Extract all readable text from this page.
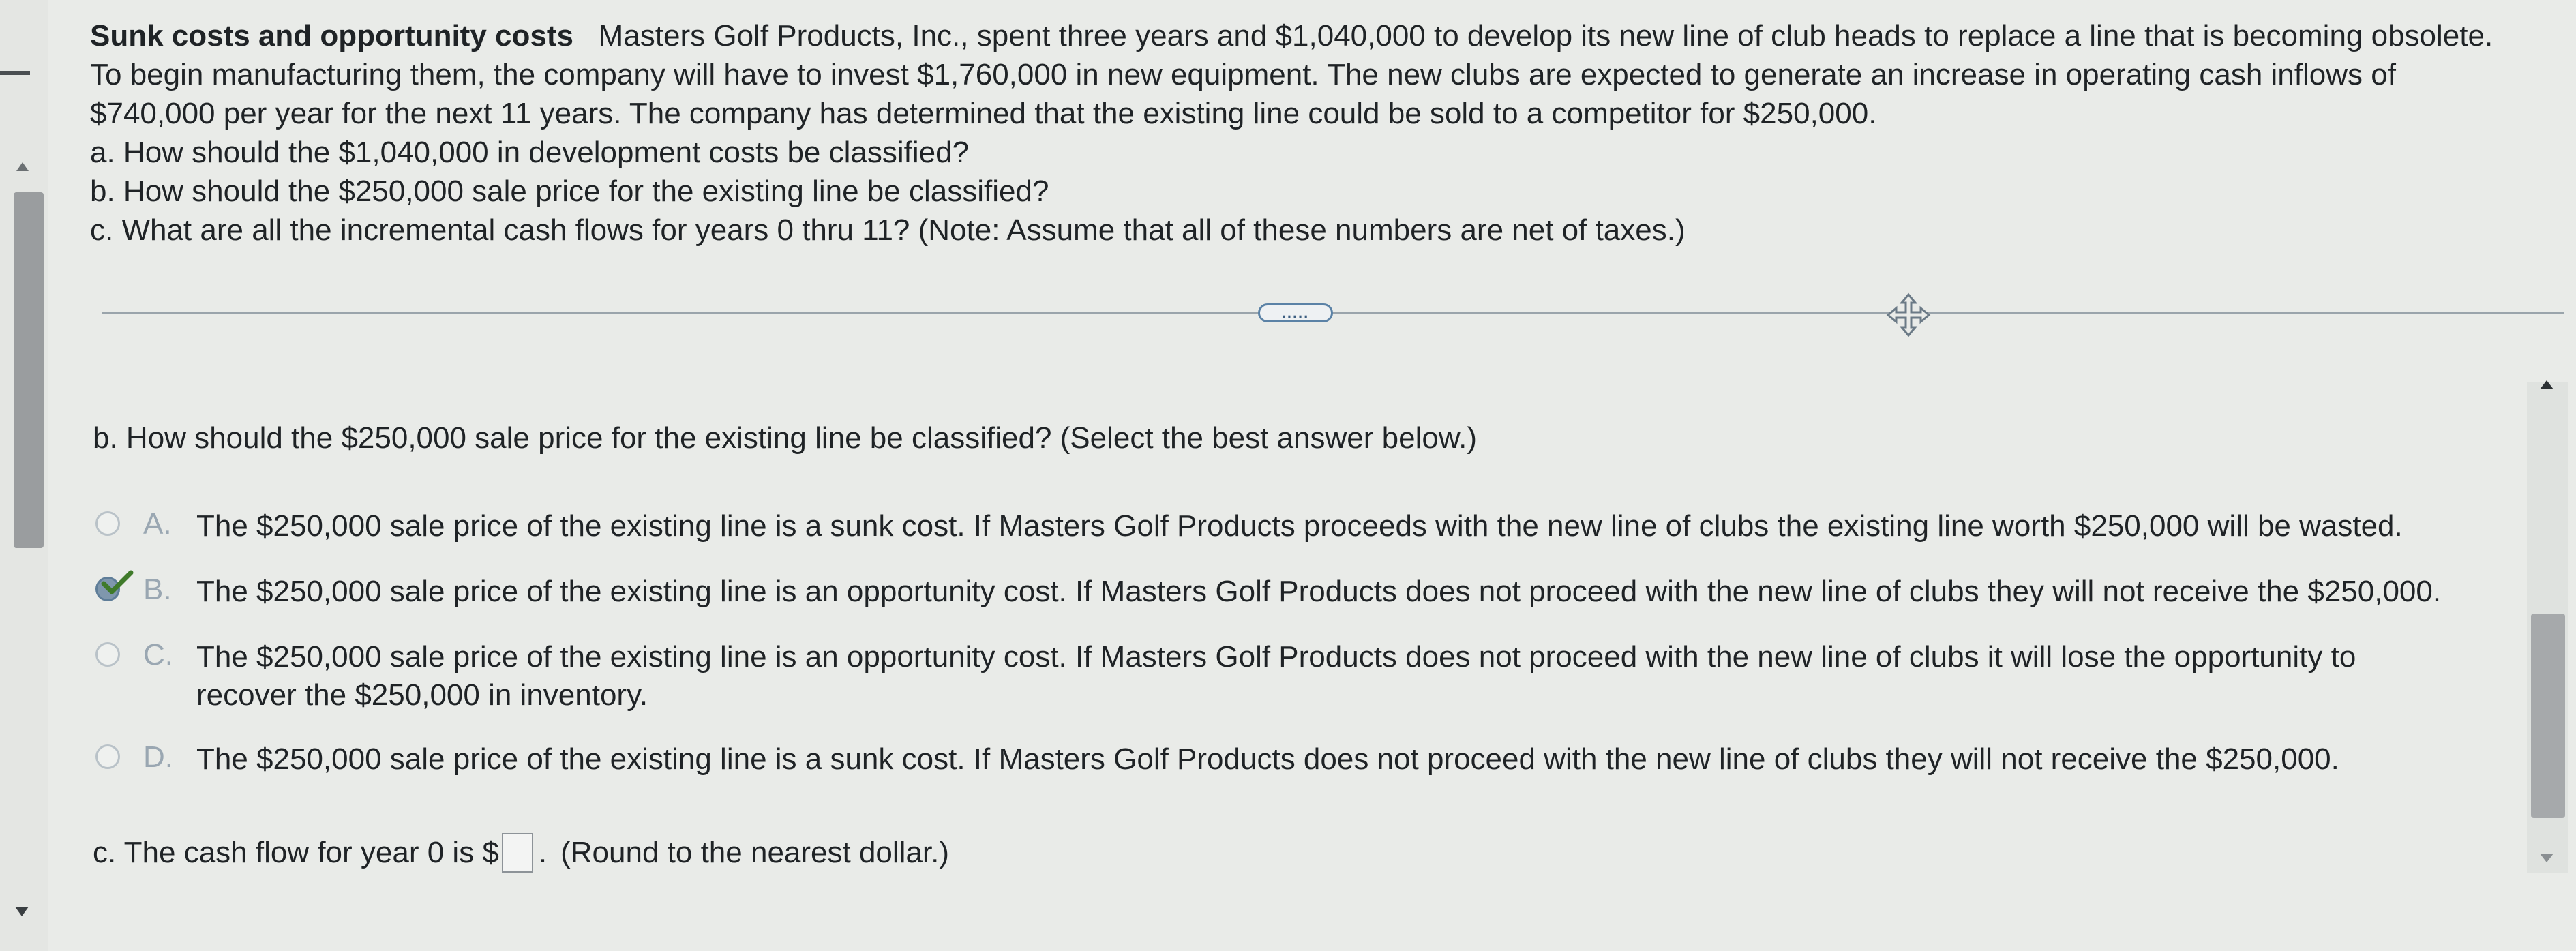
Sunk costs and opportunity costs Masters Golf Products, Inc., spent three years and $1,040,000 to develop its new line of club heads to replace a line that is becoming obsolete.
To begin manufacturing them, the company will have to invest $1,760,000 in new equipment. The new clubs are expected to generate an increase in operating cash inflows of
$740,000 per year for the next 11 years. The company has determined that the existing line could be sold to a competitor for $250,000.
a. How should the $1,040,000 in development costs be classified?
b. How should the $250,000 sale price for the existing line be classified?
c. What are all the incremental cash flows for years 0 thru 11? (Note: Assume that all of these numbers are net of taxes.)
.....
b. How should the $250,000 sale price for the existing line be classified? (Select the best answer below.)
A. The $250,000 sale price of the existing line is a sunk cost. If Masters Golf Products proceeds with the new line of clubs the existing line worth $250,000 will be wasted.
B. The $250,000 sale price of the existing line is an opportunity cost. If Masters Golf Products does not proceed with the new line of clubs they will not receive the $250,000.
C. The $250,000 sale price of the existing line is an opportunity cost. If Masters Golf Products does not proceed with the new line of clubs it will lose the opportunity to
recover the $250,000 in inventory.
D. The $250,000 sale price of the existing line is a sunk cost. If Masters Golf Products does not proceed with the new line of clubs they will not receive the $250,000.
c. The cash flow for year 0 is $ . (Round to the nearest dollar.)
